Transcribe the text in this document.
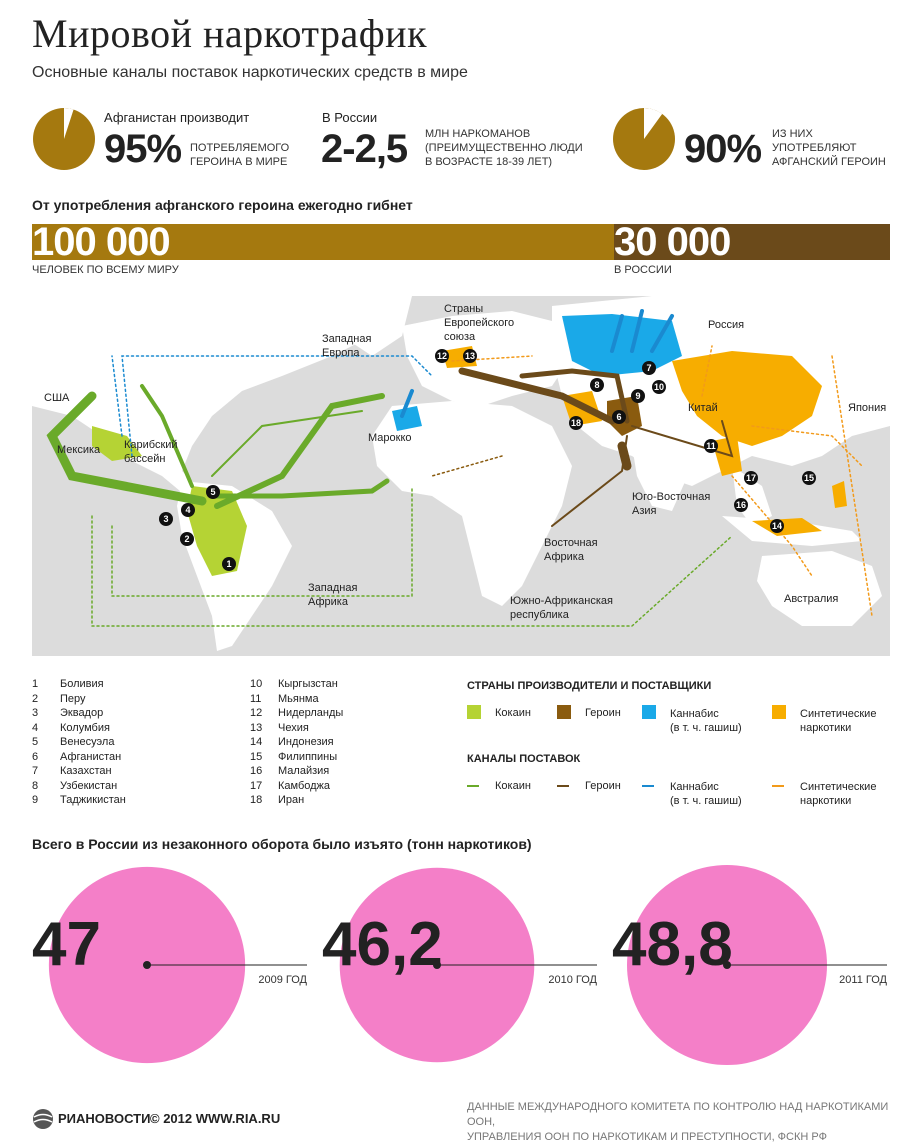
Мировой наркотрафик
Основные каналы поставок наркотических средств в мире
Афганистан производит
95% ПОТРЕБЛЯЕМОГО
ГЕРОИНА В МИРЕ
В России
2-2,5 МЛН НАРКОМАНОВ
(ПРЕИМУЩЕСТВЕННО ЛЮДИ
В ВОЗРАСТЕ 18-39 ЛЕТ)	90% ИЗ НИХ
УПОТРЕБЛЯЮТ
АФГАНСКИЙ ГЕРОИН
От употребления афганского героина ежегодно гибнет
100 000	30 000
ЧЕЛОВЕК ПО ВСЕМУ МИРУ	В РОССИИ
США
Мексика Карибский
бассейн
Западная
Европа
Страны
Европейского
союза
Россия
Китай	Япония
Марокко
Юго-Восточная
Азия
Восточная
Африка
Западная
Африка	Южно-Африканская
республика
Австралия
1
2
3
4
5
6
7
8
9
10
11
12 13
14
15
16
17
18
1	Боливия
2	Перу
3	Эквадор
4	Колумбия
5	Венесуэла
6	Афганистан
7	Казахстан
8	Узбекистан
9	Таджикистан
10	Кыргызстан
11	Мьянма
12	Нидерланды
13	Чехия
14	Индонезия
15	Филиппины
16	Малайзия
17	Камбоджа
18	Иран
СТРАНЫ ПРОИЗВОДИТЕЛИ И ПОСТАВЩИКИ
Кокаин	Героин	Каннабис
(в т. ч. гашиш)
Синтетические
наркотики
КАНАЛЫ ПОСТАВОК
Кокаин	Героин	Каннабис
(в т. ч. гашиш)
Синтетические
наркотики
Всего в России из незаконного оборота было изъято (тонн наркотиков)
47
2009 ГОД
46,2
2010 ГОД
48,8
2011 ГОД
РИАНОВОСТИ © 2012 WWW.RIA.RU
ДАННЫЕ МЕЖДУНАРОДНОГО КОМИТЕТА ПО КОНТРОЛЮ НАД НАРКОТИКАМИ ООН,
УПРАВЛЕНИЯ ООН ПО НАРКОТИКАМ И ПРЕСТУПНОСТИ, ФСКН РФ
